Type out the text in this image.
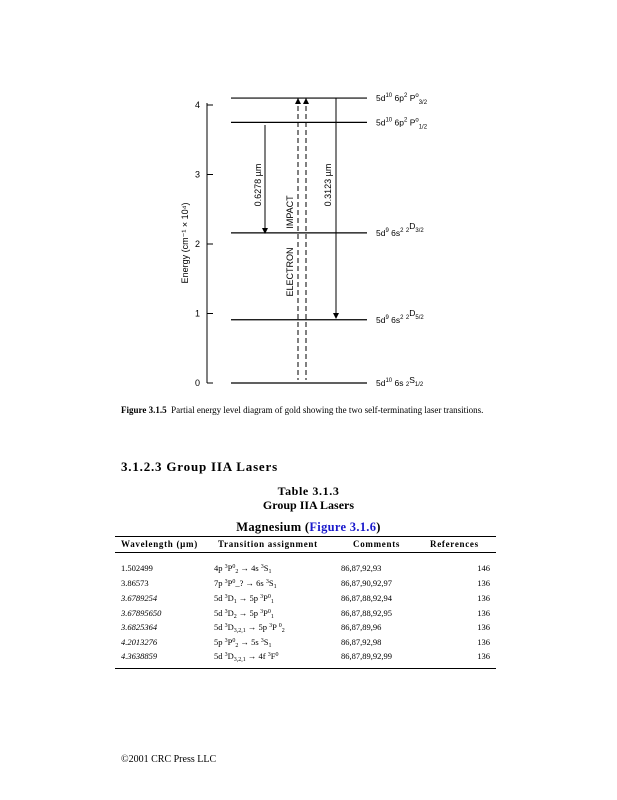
0
1
2
3
4
Energy (cm⁻¹ × 10⁴)
$5d^{10}$ $6p^2$ $P^o_{3/2}$
$5d^{10}$ $6p^2$ $P^o_{1/2}$
$5d^9$ $6s^2$ $^2D_{3/2}$
$5d^9$ $6s^2$ $^2D_{5/2}$
$5d^{10}$ 6s $^2S_{1/2}$
0.6278 µm	0.3123 µm
IMPACT
ELECTRON
Figure 3.1.5 Partial energy level diagram of gold showing the two self-terminating laser transitions.
3.1.2.3 Group IIA Lasers
Table 3.1.3
Group IIA Lasers
Magnesium (Figure 3.1.6)
Wavelength (µm) Transition assignment	Comments	References
1.502499	4p $^3P^0_2 \to 4s$ $^3S_1$	86,87,92,93	146
3.86573	7p $^3P^0\_$? → 6s $^3S_1$	86,87,90,92,97	136
3.6789254	5d $^3D_1 \to 5p$ $^3P^0_1$	86,87,88,92,94	136
3.67895650	5d $^3D_2 \to 5p$ $^3P^0_1$	86,87,88,92,95	136
3.6825364	5d $^3D_{3,2,1} \to 5p$ $^3$P $^0_2$	86,87,89,96	136
4.2013276	5p $^3P^0_2 \to 5s$ $^3S_1$	86,87,92,98	136
4.3638859	5d $^3D_{3,2,1} \to 4f$ $^3F^0$	86,87,89,92,99	136
©2001 CRC Press LLC
